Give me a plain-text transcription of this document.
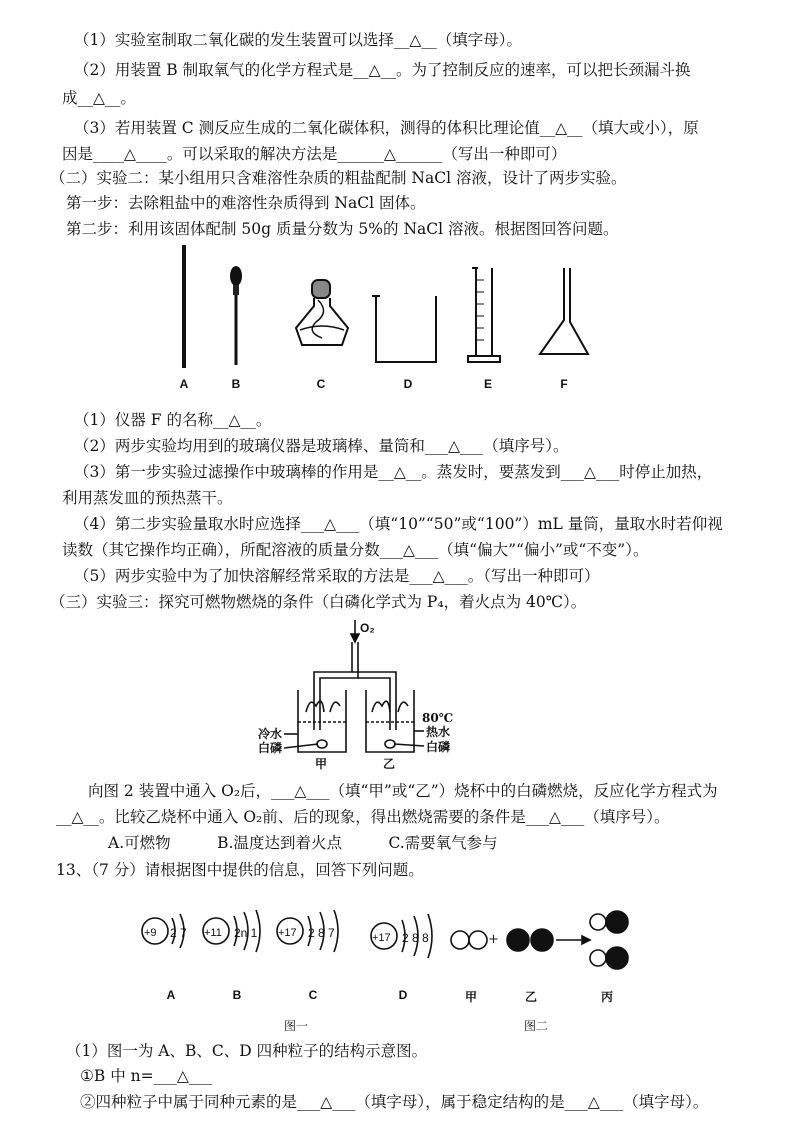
（1）实验室制取二氧化碳的发生装置可以选择__△__（填字母）。
（2）用装置 B 制取氧气的化学方程式是__△__。为了控制反应的速率，可以把长颈漏斗换
成__△__。
（3）若用装置 C 测反应生成的二氧化碳体积，测得的体积比理论值__△__（填大或小），原
因是____△____。可以采取的解决方法是______△______（写出一种即可）
（二）实验二：某小组用只含难溶性杂质的粗盐配制 NaCl 溶液，设计了两步实验。
第一步：去除粗盐中的难溶性杂质得到 NaCl 固体。
第二步：利用该固体配制 50g 质量分数为 5%的 NaCl 溶液。根据图回答问题。
A	B	C	D	E	F
（1）仪器 F 的名称__△__。
（2）两步实验均用到的玻璃仪器是玻璃棒、量筒和___△___（填序号）。
（3）第一步实验过滤操作中玻璃棒的作用是__△__。蒸发时，要蒸发到___△___时停止加热，
利用蒸发皿的预热蒸干。
（4）第二步实验量取水时应选择___△___（填“10”“50”或“100”）mL 量筒，量取水时若仰视
读数（其它操作均正确），所配溶液的质量分数___△___（填“偏大”“偏小”或“不变”）。
（5）两步实验中为了加快溶解经常采取的方法是___△___。（写出一种即可）
（三）实验三：探究可燃物燃烧的条件（白磷化学式为 P₄，着火点为 40℃）。
O₂
冷水
白磷
80℃
热水
白磷
甲	乙
向图 2 装置中通入 O₂后，___△___（填“甲”或“乙”）烧杯中的白磷燃烧，反应化学方程式为
__△__。比较乙烧杯中通入 O₂前、后的现象，得出燃烧需要的条件是___△___（填序号）。
A.可燃物　　　B.温度达到着火点　　　C.需要氧气参与
13、（7 分）请根据图中提供的信息，回答下列问题。
+9 2 7 +11 2n 1 +17 2 8 7	+17 2 8 8	+
A	B	C	D	甲	乙	丙
图一	图二
（1）图一为 A、B、C、D 四种粒子的结构示意图。
①B 中 n=___△___
②四种粒子中属于同种元素的是___△___（填字母），属于稳定结构的是___△___（填字母）。
